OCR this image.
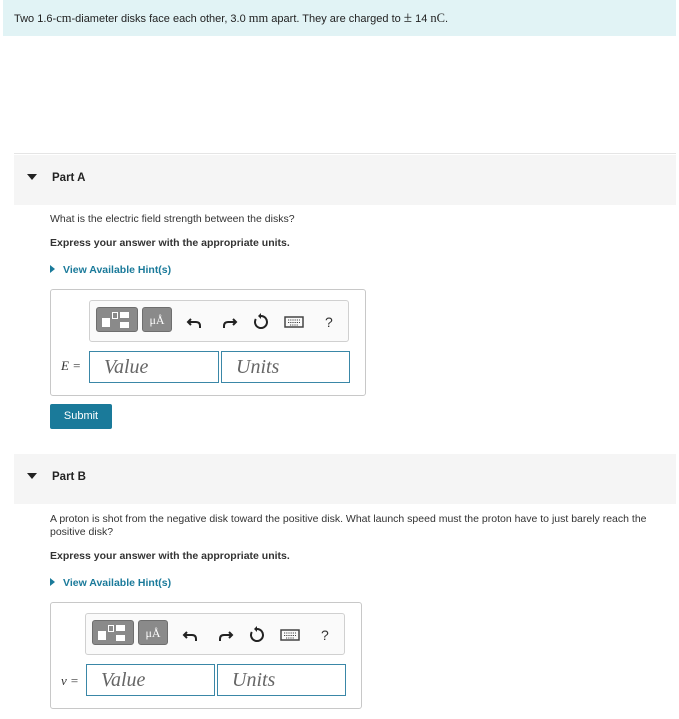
Two 1.6-cm-diameter disks face each other, 3.0 mm apart. They are charged to ± 14 nC.
Part A
What is the electric field strength between the disks?
Express your answer with the appropriate units.
View Available Hint(s)
μÅ	?
E =	Value	Units
Submit
Part B
A proton is shot from the negative disk toward the positive disk. What launch speed must the proton have to just barely reach the positive disk?
Express your answer with the appropriate units.
View Available Hint(s)
μÅ	?
v =	Value	Units
